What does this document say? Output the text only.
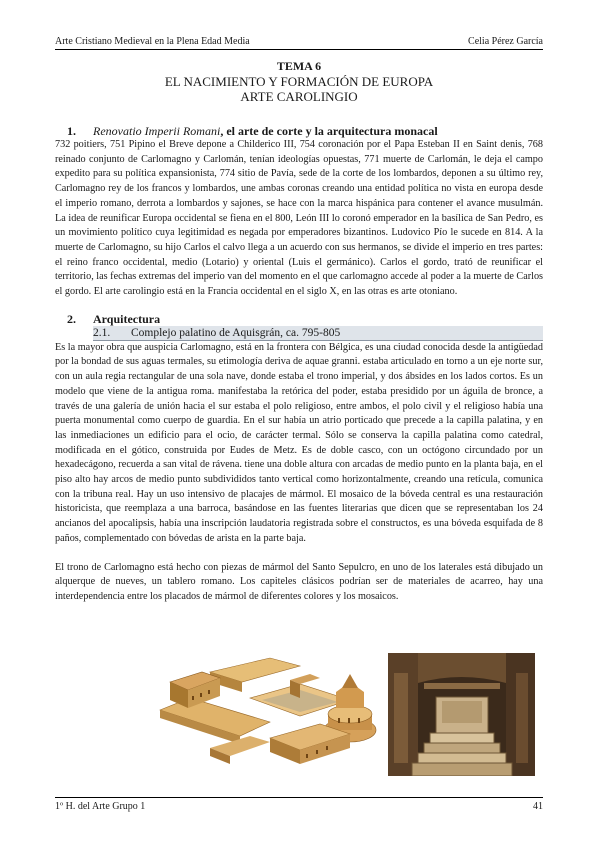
Arte Cristiano Medieval en la Plena Edad Media	Celia Pérez García
TEMA 6
EL NACIMIENTO Y FORMACIÓN DE EUROPA
ARTE CAROLINGIO
1.	Renovatio Imperii Romani, el arte de corte y la arquitectura monacal

732 poitiers, 751 Pipino el Breve depone a Childerico III, 754 coronación por el Papa Esteban II en Saint denis, 768 reinado conjunto de Carlomagno y Carlomán, tenían ideologías opuestas, 771 muerte de Carlomán, le deja el campo expedito para su política expansionista, 774 sitio de Pavía, sede de la corte de los lombardos, deponen a su último rey, Carlomagno rey de los francos y lombardos, une ambas coronas creando una entidad política no vista en europa desde el imperio romano, derrota a lombardos y sajones, se hace con la marca hispánica para contener el avance musulmán. La idea de reunificar Europa occidental se fiena en el 800, León III lo coronó emperador en la basílica de San Pedro, es un movimiento político cuya legitimidad es negada por emperadores bizantinos. Ludovico Pío le sucede en 814. A la muerte de Carlomagno, su hijo Carlos el calvo llega a un acuerdo con sus hermanos, se divide el imperio en tres partes: el reino franco occidental, medio (Lotario) y oriental (Luis el germánico). Carlos el gordo, trató de reunificar el territorio, las fechas extremas del imperio van del momento en el que carlomagno accede al poder a la muerte de Carlos el gordo. El arte carolingio está en la Francia occidental en el siglo X, en las otras es arte otoniano.

2.	Arquitectura
2.1.	Complejo palatino de Aquisgrán, ca. 795-805

Es la mayor obra que auspicia Carlomagno, está en la frontera con Bélgica, es una ciudad conocida desde la antigüedad por la bondad de sus aguas termales, su etimología deriva de aquae granni. estaba articulado en torno a un eje norte sur, con un aula regia rectangular de una sola nave, donde estaba el trono imperial, y dos ábsides en los lados cortos. Es un modelo que viene de la antigua roma. manifestaba la retórica del poder, estaba presidido por un águila de bronce, a través de una galería de unión hacia el sur estaba el polo religioso, entre ambos, el polo civil y el religioso había una puerta monumental como cuerpo de guardia. En el sur había un atrio porticado que precede a la capilla palatina, y en las inmediaciones un edificio para el ocio, de carácter termal. Sólo se conserva la capilla palatina como catedral, modificada en el gótico, construida por Eudes de Metz. Es de doble casco, con un octógono circundado por un hexadecágono, recuerda a san vital de rávena. tiene una doble altura con arcadas de medio punto en la planta baja, en el piso alto hay arcos de medio punto subdivididos tanto vertical como horizontalmente, creando una retícula, comunica con la tribuna real. Hay un uso intensivo de placajes de mármol. El mosaico de la bóveda central es una restauración historicista, que reemplaza a una barroca, basándose en las fuentes literarias que dicen que se representaban los 24 ancianos del apocalipsis, había una inscripción laudatoria registrada sobre el constructos, es una bóveda esquifada de 8 paños, complementado con bóvedas de arista en la parte baja.

El trono de Carlomagno está hecho con piezas de mármol del Santo Sepulcro, en uno de los laterales está dibujado un alquerque de nueves, un tablero romano. Los capiteles clásicos podrían ser de materiales de acarreo, hay una interdependencia entre los placados de mármol de diferentes colores y los mosaicos.

1º H. del Arte Grupo 1	41
